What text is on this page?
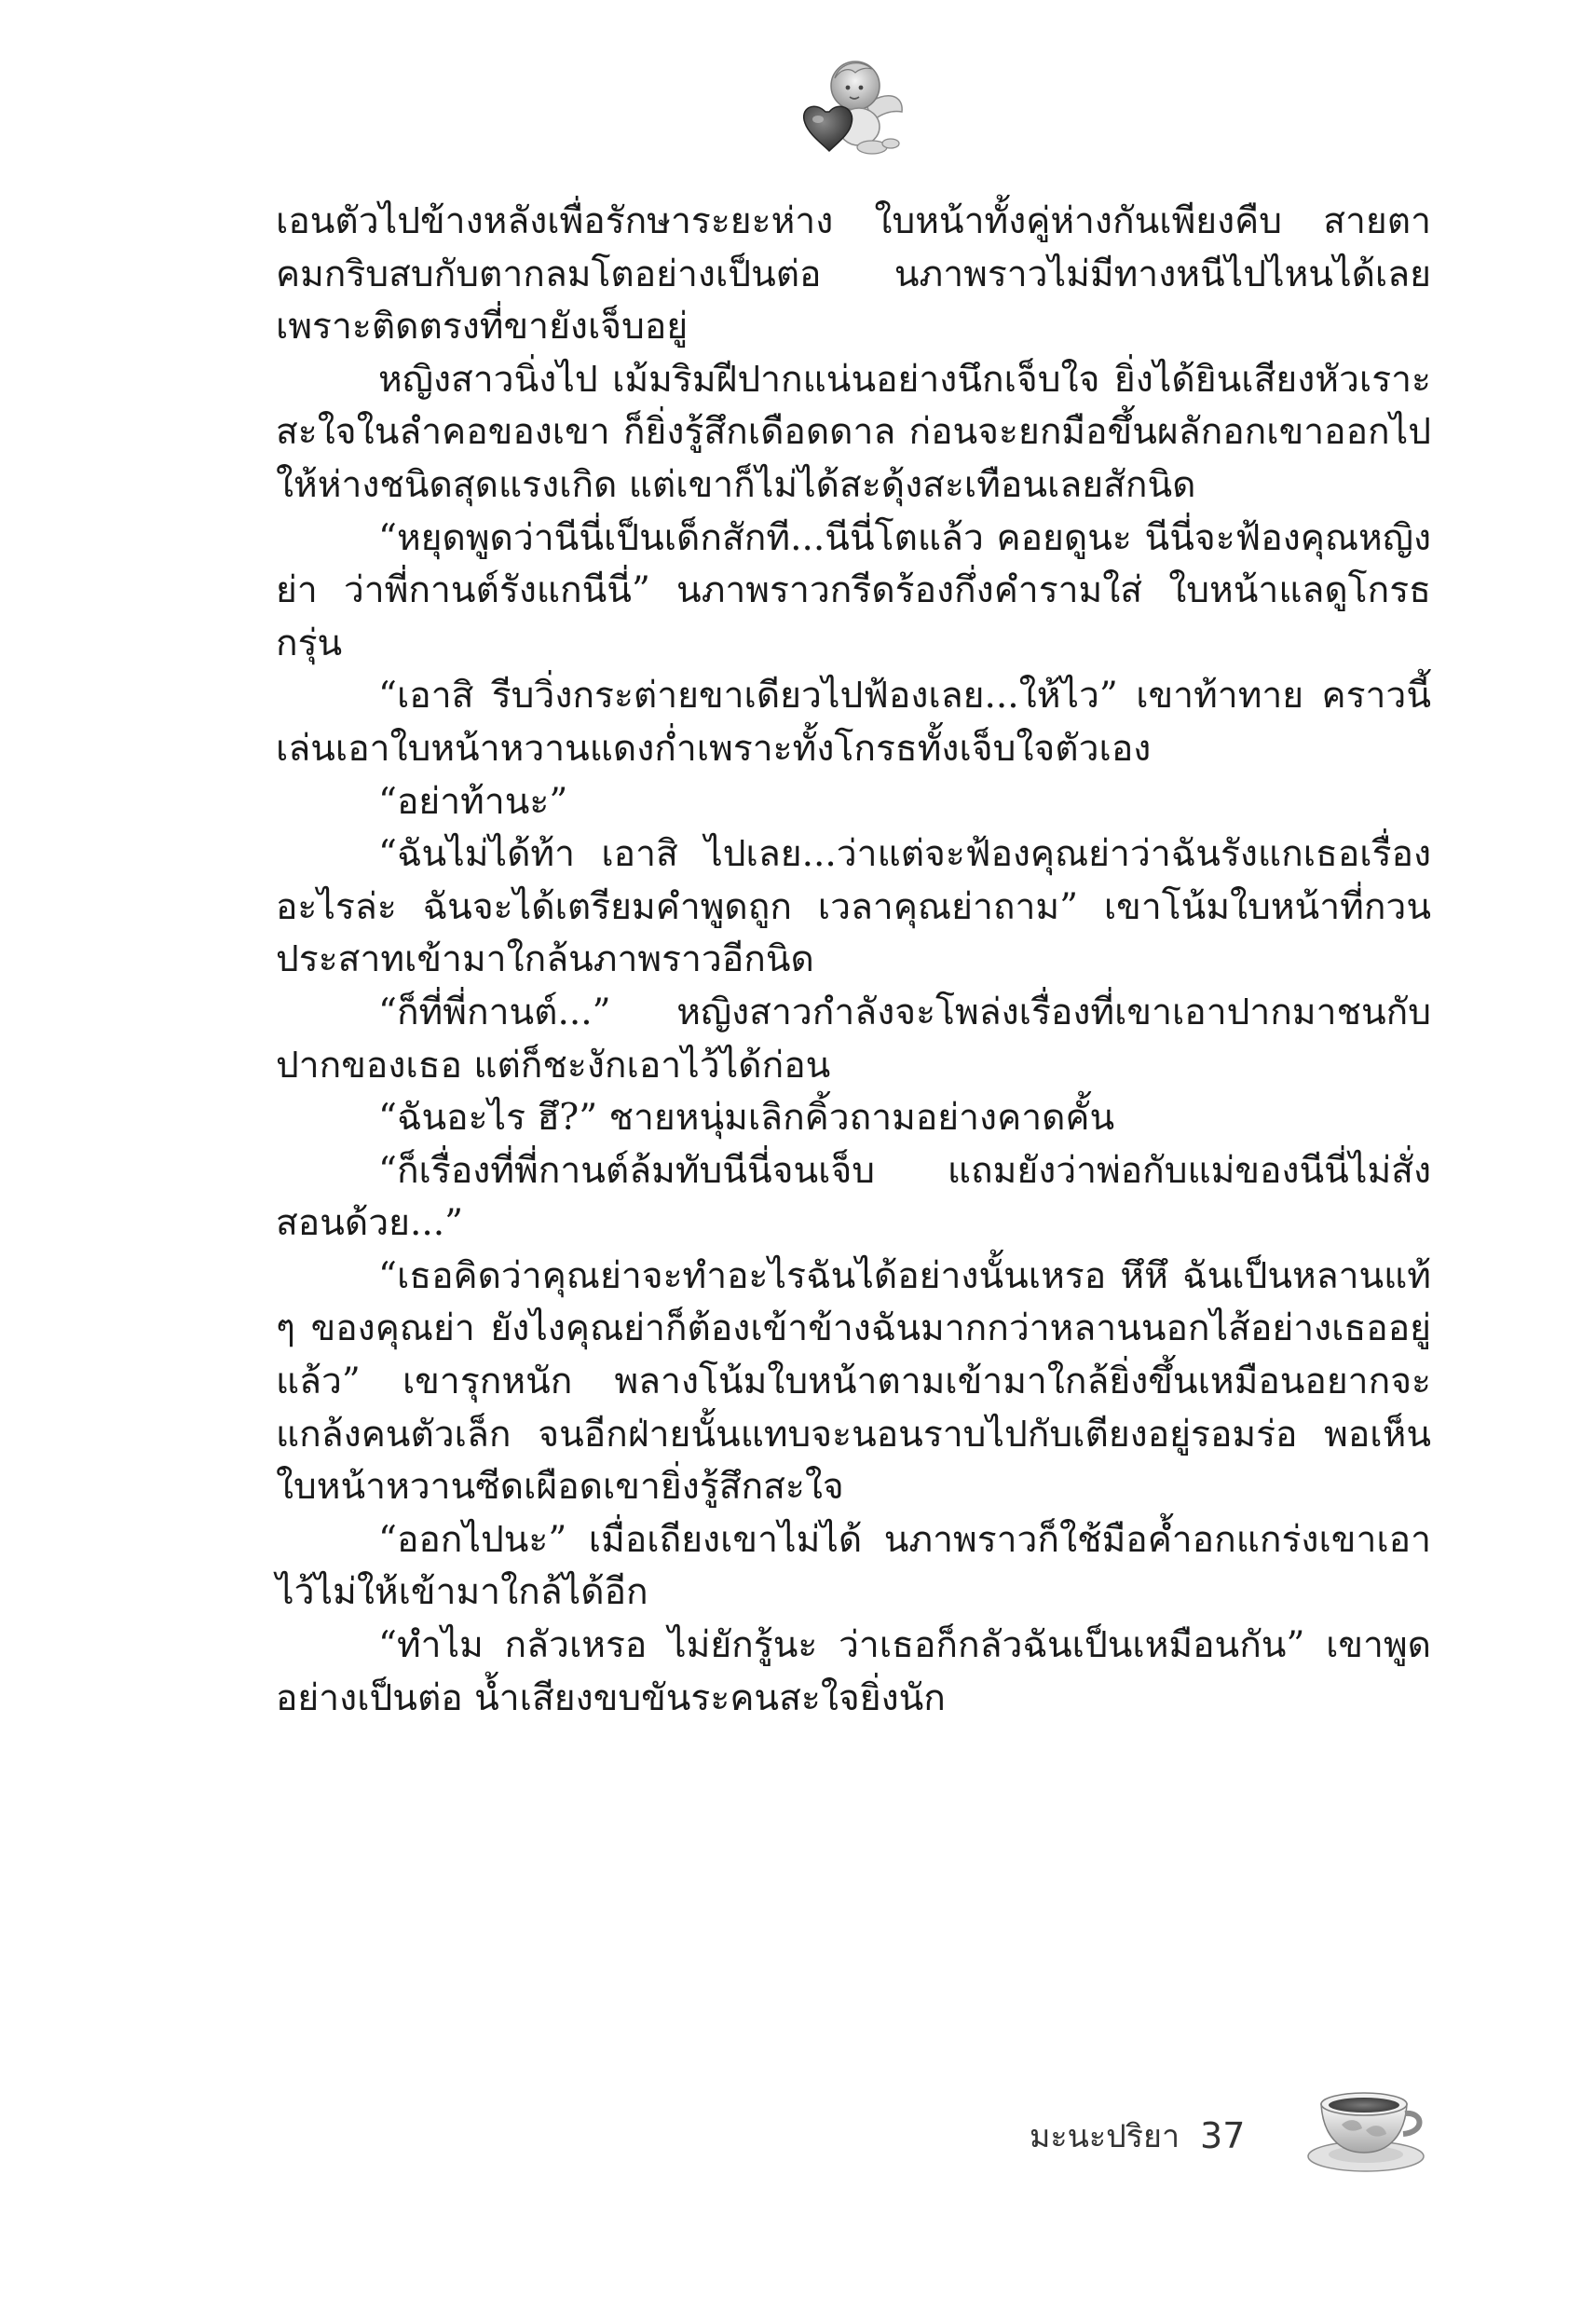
เอนตัวไปข้างหลังเพื่อรักษาระยะห่าง ใบหน้าทั้งคู่ห่างกันเพียงคืบ สายตาคมกริบสบกับตากลมโตอย่างเป็นต่อ นภาพราวไม่มีทางหนีไปไหนได้เลยเพราะติดตรงที่ขายังเจ็บอยู่

หญิงสาวนิ่งไป เม้มริมฝีปากแน่นอย่างนึกเจ็บใจ ยิ่งได้ยินเสียงหัวเราะสะใจในลำคอของเขา ก็ยิ่งรู้สึกเดือดดาล ก่อนจะยกมือขึ้นผลักอกเขาออกไปให้ห่างชนิดสุดแรงเกิด แต่เขาก็ไม่ได้สะดุ้งสะเทือนเลยสักนิด

“หยุดพูดว่านีนี่เป็นเด็กสักที...นีนี่โตแล้ว คอยดูนะ นีนี่จะฟ้องคุณหญิงย่า ว่าพี่กานต์รังแกนีนี่” นภาพราวกรีดร้องกึ่งคำรามใส่ ใบหน้าแลดูโกรธกรุ่น

“เอาสิ รีบวิ่งกระต่ายขาเดียวไปฟ้องเลย...ให้ไว” เขาท้าทาย คราวนี้เล่นเอาใบหน้าหวานแดงก่ำเพราะทั้งโกรธทั้งเจ็บใจตัวเอง

“อย่าท้านะ”

“ฉันไม่ได้ท้า เอาสิ ไปเลย...ว่าแต่จะฟ้องคุณย่าว่าฉันรังแกเธอเรื่องอะไรล่ะ ฉันจะได้เตรียมคำพูดถูก เวลาคุณย่าถาม” เขาโน้มใบหน้าที่กวนประสาทเข้ามาใกล้นภาพราวอีกนิด

“ก็ที่พี่กานต์...” หญิงสาวกำลังจะโพล่งเรื่องที่เขาเอาปากมาชนกับปากของเธอ แต่ก็ชะงักเอาไว้ได้ก่อน

“ฉันอะไร ฮึ?” ชายหนุ่มเลิกคิ้วถามอย่างคาดคั้น

“ก็เรื่องที่พี่กานต์ล้มทับนีนี่จนเจ็บ แถมยังว่าพ่อกับแม่ของนีนี่ไม่สั่งสอนด้วย...”

“เธอคิดว่าคุณย่าจะทำอะไรฉันได้อย่างนั้นเหรอ หึหึ ฉันเป็นหลานแท้ ๆ ของคุณย่า ยังไงคุณย่าก็ต้องเข้าข้างฉันมากกว่าหลานนอกไส้อย่างเธออยู่แล้ว” เขารุกหนัก พลางโน้มใบหน้าตามเข้ามาใกล้ยิ่งขึ้นเหมือนอยากจะแกล้งคนตัวเล็ก จนอีกฝ่ายนั้นแทบจะนอนราบไปกับเตียงอยู่รอมร่อ พอเห็นใบหน้าหวานซีดเผือดเขายิ่งรู้สึกสะใจ

“ออกไปนะ” เมื่อเถียงเขาไม่ได้ นภาพราวก็ใช้มือค้ำอกแกร่งเขาเอาไว้ไม่ให้เข้ามาใกล้ได้อีก

“ทำไม กลัวเหรอ ไม่ยักรู้นะ ว่าเธอก็กลัวฉันเป็นเหมือนกัน” เขาพูดอย่างเป็นต่อ น้ำเสียงขบขันระคนสะใจยิ่งนัก

มะนะปริยา 37
